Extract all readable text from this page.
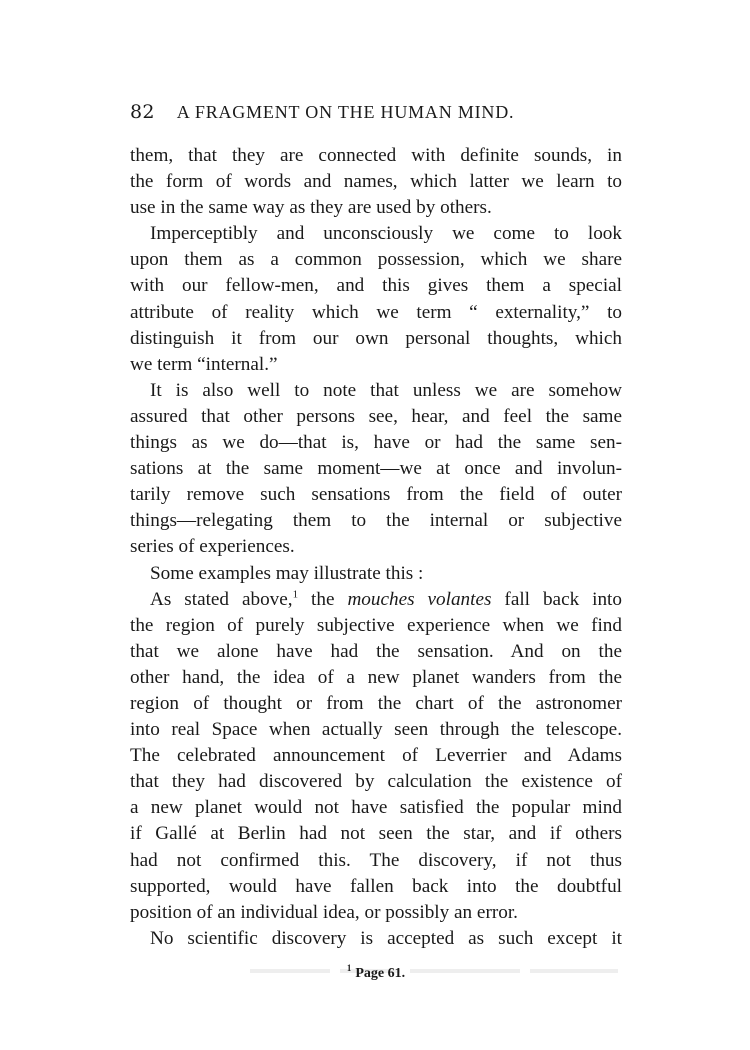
82 A FRAGMENT ON THE HUMAN MIND.
them, that they are connected with definite sounds, in
the form of words and names, which latter we learn to
use in the same way as they are used by others.
Imperceptibly and unconsciously we come to look
upon them as a common possession, which we share
with our fellow-men, and this gives them a special
attribute of reality which we term “ externality,” to
distinguish it from our own personal thoughts, which
we term “internal.”
It is also well to note that unless we are somehow
assured that other persons see, hear, and feel the same
things as we do—that is, have or had the same sen-
sations at the same moment—we at once and involun-
tarily remove such sensations from the field of outer
things—relegating them to the internal or subjective
series of experiences.
Some examples may illustrate this :
As stated above,$^1$ the mouches volantes fall back into
the region of purely subjective experience when we find
that we alone have had the sensation. And on the
other hand, the idea of a new planet wanders from the
region of thought or from the chart of the astronomer
into real Space when actually seen through the telescope.
The celebrated announcement of Leverrier and Adams
that they had discovered by calculation the existence of
a new planet would not have satisfied the popular mind
if Gallé at Berlin had not seen the star, and if others
had not confirmed this. The discovery, if not thus
supported, would have fallen back into the doubtful
position of an individual idea, or possibly an error.
No scientific discovery is accepted as such except it
$^1$ Page 61.
